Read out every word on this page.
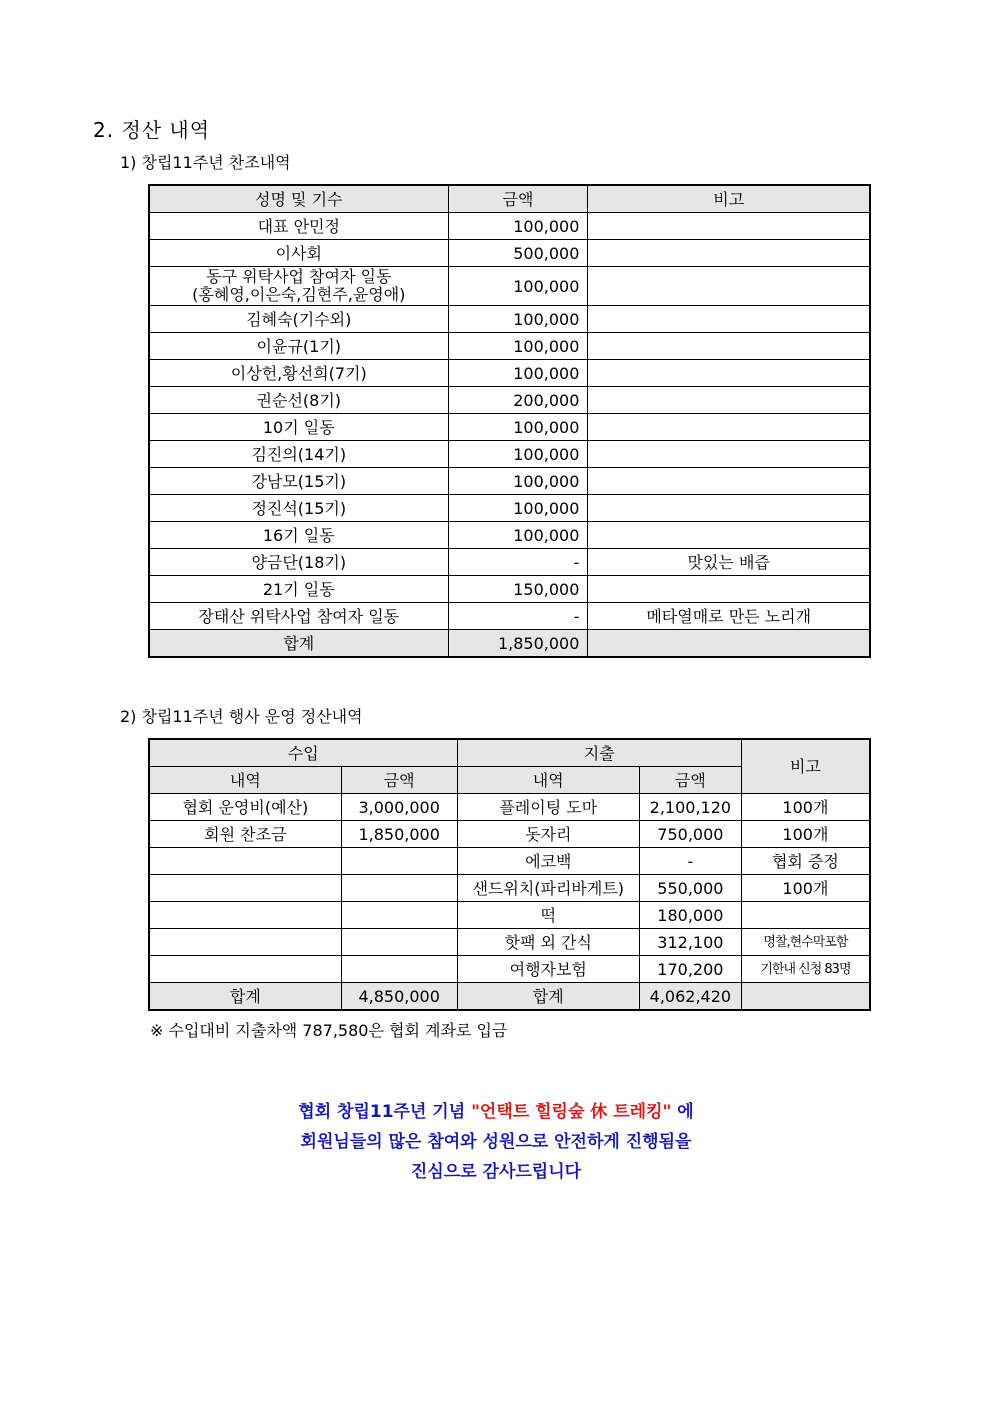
2. 정산 내역
1) 창립11주년 찬조내역
성명 및 기수	금액	비고
대표 안민정	100,000	
이사회	500,000	

동구 위탁사업 참여자 일동
(홍혜영,이은숙,김현주,윤영애)	100,000	
김혜숙(기수외)	100,000	
이윤규(1기)	100,000	
이상헌,황선희(7기)	100,000	
권순선(8기)	200,000	
10기 일동	100,000	
김진의(14기)	100,000	
강남모(15기)	100,000	
정진석(15기)	100,000	
16기 일동	100,000	
양금단(18기)	-	맛있는 배즙
21기 일동	150,000	
장태산 위탁사업 참여자 일동	-	메타열매로 만든 노리개
합계	1,850,000	
2) 창립11주년 행사 운영 정산내역
수입		지출		비고
내역	금액	내역	금액	
협회 운영비(예산)	3,000,000	플레이팅 도마	2,100,120	100개
회원 찬조금	1,850,000	돗자리	750,000	100개
		에코백	-	협회 증정
		샌드위치(파리바게트)	550,000	100개
		떡	180,000	
		핫팩 외 간식	312,100	명찰,현수막포함
		여행자보험	170,200	기한내 신청 83명
합계	4,850,000	합계	4,062,420	
※ 수입대비 지출차액 787,580은 협회 계좌로 입금
협회 창립11주년 기념 "언택트 힐링숲 休 트레킹" 에
회원님들의 많은 참여와 성원으로 안전하게 진행됨을
진심으로 감사드립니다
